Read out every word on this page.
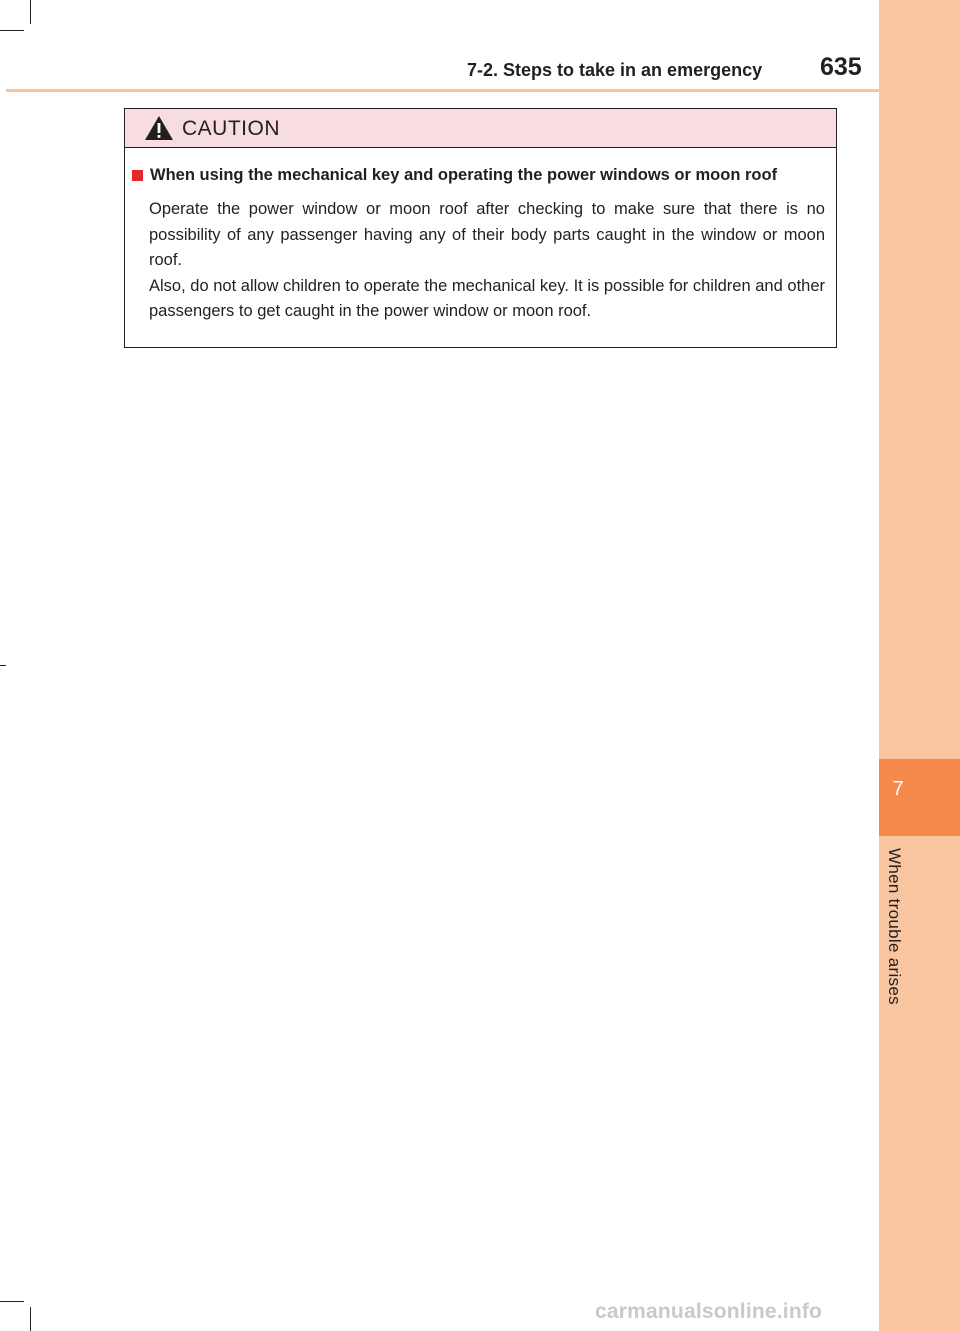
7
When trouble arises
7-2. Steps to take in an emergency 635
CAUTION
When using the mechanical key and operating the power windows or moon roof

Operate the power window or moon roof after checking to make sure that there is no possibility of any passenger having any of their body parts caught in the window or moon roof.

Also, do not allow children to operate the mechanical key. It is possible for children and other passengers to get caught in the power window or moon roof.

carmanualsonline.info
